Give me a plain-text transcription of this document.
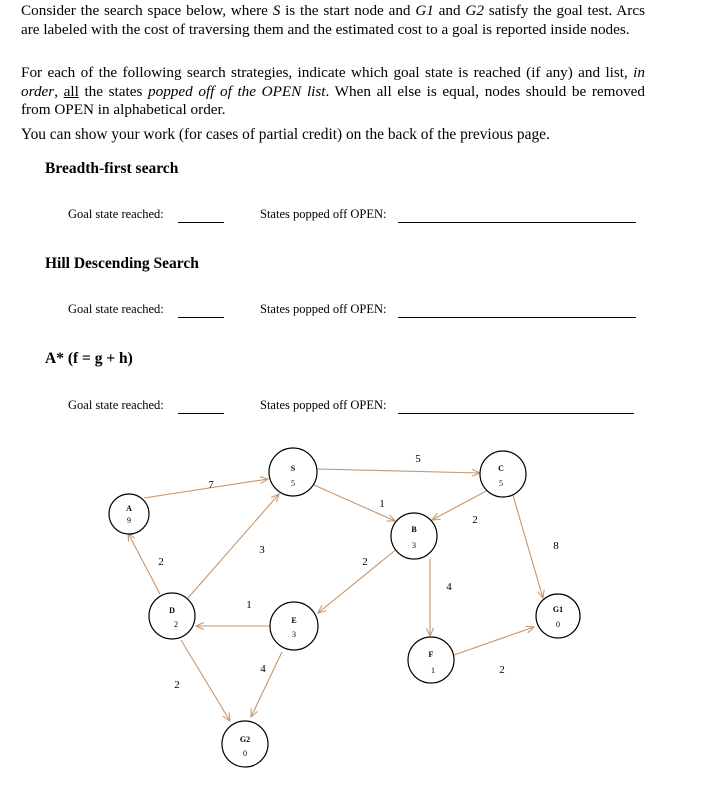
Consider the search space below, where S is the start node and G1 and G2 satisfy the goal test. Arcs are labeled with the cost of traversing them and the estimated cost to a goal is reported inside nodes.

For each of the following search strategies, indicate which goal state is reached (if any) and list, in order, all the states popped off of the OPEN list. When all else is equal, nodes should be removed from OPEN in alphabetical order.

You can show your work (for cases of partial credit) on the back of the previous page.

Breadth-first search
Goal state reached:	States popped off OPEN:
Hill Descending Search
Goal state reached:	States popped off OPEN:
A* (f = g + h)
Goal state reached:	States popped off OPEN:
7
5
1
2
8
2
3
1
2
4
2
2
4
S
5
A
9
B
3
C
5
D
2	E
3
F
1
G1
0
G2
0
